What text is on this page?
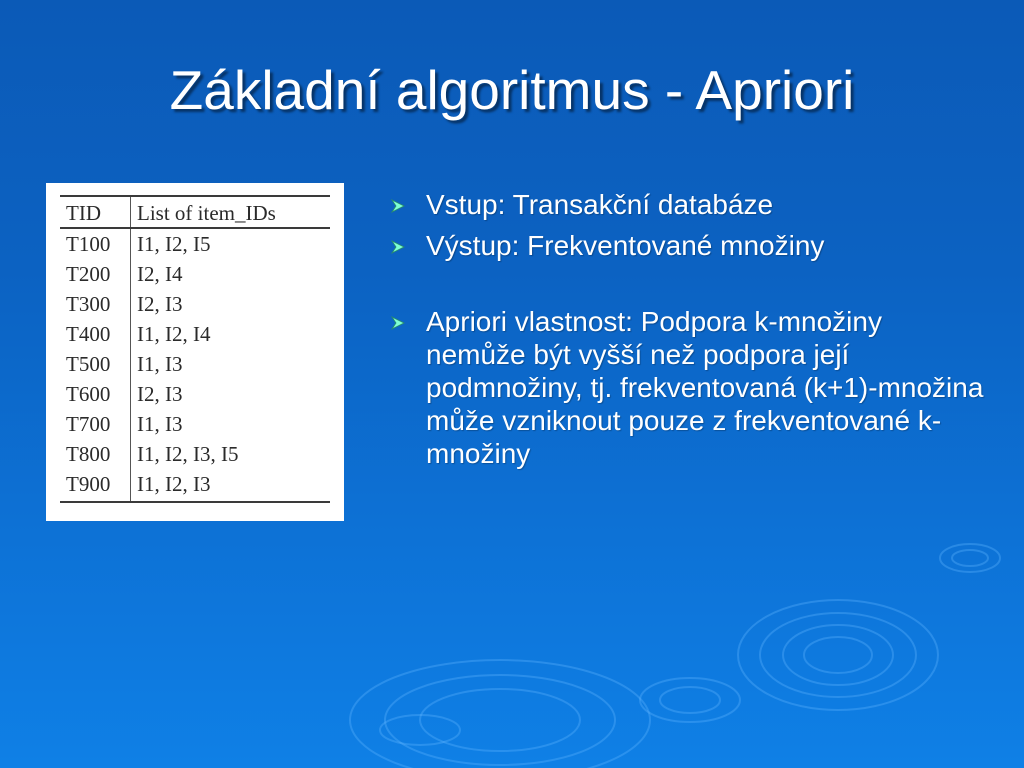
Základní algoritmus - Apriori
TID	List of item_IDs
T100	I1, I2, I5
T200	I2, I4
T300	I2, I3
T400	I1, I2, I4
T500	I1, I3
T600	I2, I3
T700	I1, I3
T800	I1, I2, I3, I5
T900	I1, I2, I3
Vstup: Transakční databáze
Výstup: Frekventované množiny
Apriori vlastnost: Podpora k-množiny nemůže být vyšší než podpora její podmnožiny, tj. frekventovaná (k+1)-množina může vzniknout pouze z frekventované k-množiny
